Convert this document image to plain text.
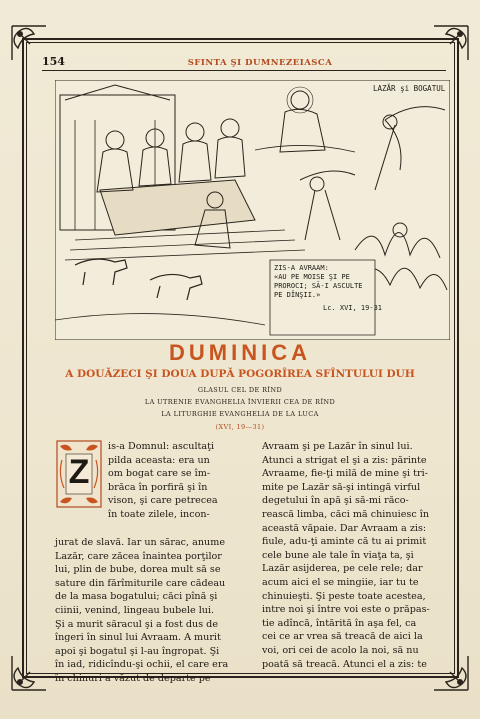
154	SFINTA ŞI DUMNEZEIASCA
LAZĂR şi BOGATUL
ZIS-A AVRAAM:
«AU PE MOISE ŞI PE
PROROCI; SĂ-I ASCULTE
PE DÎNŞII.»
Lc. XVI, 19-31
DUMINICA
A DOUĂZECI ŞI DOUA DUPĂ POGORÎREA SFÎNTULUI DUH
GLASUL CEL DE RÎND
LA UTRENIE EVANGHELIA ÎNVIERII CEA DE RÎND
LA LITURGHIE EVANGHELIA DE LA LUCA
(XVI, 19—31)
Z

is-a Domnul: ascultaţi

pilda aceasta: era un

om bogat care se îm-

brăca în porfiră şi în

vison, şi care petrecea

în toate zilele, incon-

jurat de slavă. Iar un sărac, anume

Lazăr, care zăcea înaintea porţilor

lui, plin de bube, dorea mult să se

sature din fărîmiturile care cădeau

de la masa bogatului; căci pînă şi

ciinii, venind, lingeau bubele lui.

Şi a murit săracul şi a fost dus de

îngeri în sinul lui Avraam. A murit

apoi şi bogatul şi l-au îngropat. Şi

în iad, ridicîndu-şi ochii, el care era

în chinuri a văzut de departe pe

Avraam şi pe Lazăr în sinul lui.

Atunci a strigat el şi a zis: părinte

Avraame, fie-ţi milă de mine şi tri-

mite pe Lazăr să-şi intingă virful

degetului în apă şi să-mi răco-

rească limba, căci mă chinuiesc în

această văpaie. Dar Avraam a zis:

fiule, adu-ţi aminte că tu ai primit

cele bune ale tale în viaţa ta, şi

Lazăr asijderea, pe cele rele; dar

acum aici el se mingiie, iar tu te

chinuieşti. Şi peste toate acestea,

intre noi şi între voi este o prăpas-

tie adîncă, întărită în aşa fel, ca

cei ce ar vrea să treacă de aici la

voi, ori cei de acolo la noi, să nu

poată să treacă. Atunci el a zis: te
